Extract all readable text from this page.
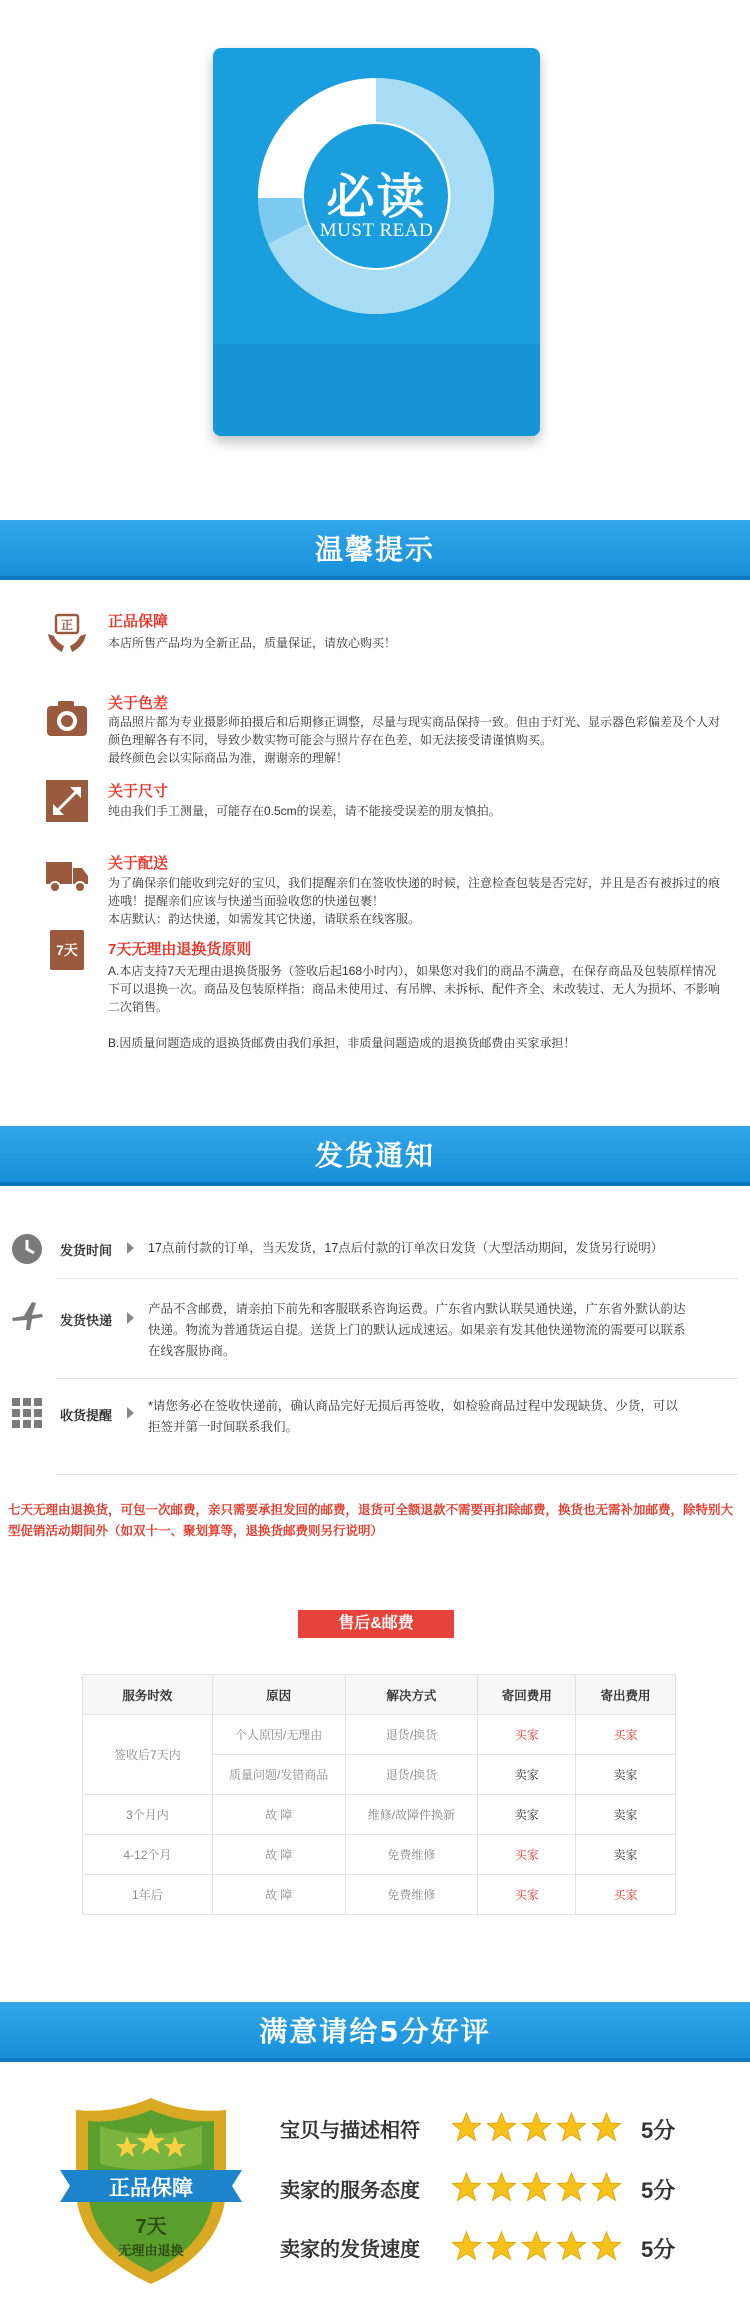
必读
MUST READ
温馨提示
正 正品保障
本店所售产品均为全新正品，质量保证，请放心购买！
关于色差
商品照片都为专业摄影师拍摄后和后期修正调整，尽量与现实商品保持一致。但由于灯光、显示器色彩偏差及个人对颜色理解各有不同，导致少数实物可能会与照片存在色差，如无法接受请谨慎购买。
最终颜色会以实际商品为准，谢谢亲的理解！
关于尺寸
纯由我们手工测量，可能存在0.5cm的误差，请不能接受误差的朋友慎拍。
关于配送
为了确保亲们能收到完好的宝贝，我们提醒亲们在签收快递的时候，注意检查包装是否完好，并且是否有被拆过的痕迹哦！提醒亲们应该与快递当面验收您的快递包裹！
本店默认：韵达快递，如需发其它快递，请联系在线客服。
7天	7天无理由退换货原则
A.本店支持7天无理由退换货服务（签收后起168小时内），如果您对我们的商品不满意，在保存商品及包装原样情况下可以退换一次。商品及包装原样指：商品未使用过、有吊牌、未拆标、配件齐全、未改装过、无人为损坏、不影响二次销售。
B.因质量问题造成的退换货邮费由我们承担，非质量问题造成的退换货邮费由买家承担！
发货通知
发货时间	17点前付款的订单，当天发货，17点后付款的订单次日发货（大型活动期间，发货另行说明）
发货快递
产品不含邮费，请亲拍下前先和客服联系咨询运费。广东省内默认联昊通快递，广东省外默认韵达快递。物流为普通货运自提。送货上门的默认远成速运。如果亲有发其他快递物流的需要可以联系在线客服协商。
收货提醒
*请您务必在签收快递前，确认商品完好无损后再签收，如检验商品过程中发现缺货、少货，可以拒签并第一时间联系我们。
七天无理由退换货，可包一次邮费，亲只需要承担发回的邮费，退货可全额退款不需要再扣除邮费，换货也无需补加邮费，除特别大型促销活动期间外（如双十一、聚划算等，退换货邮费则另行说明）
售后&邮费
服务时效	原因	解决方式	寄回费用	寄出费用
签收后7天内	个人原因/无理由	退货/换货	买家	买家
	质量问题/发错商品	退货/换货	卖家	卖家
3个月内	故 障	维修/故障件换新	卖家	卖家
4-12个月	故 障	免费维修	买家	卖家
1年后	故 障	免费维修	买家	买家
满意请给5分好评
正品保障
7天
无理由退换
宝贝与描述相符	5分
卖家的服务态度	5分
卖家的发货速度	5分
